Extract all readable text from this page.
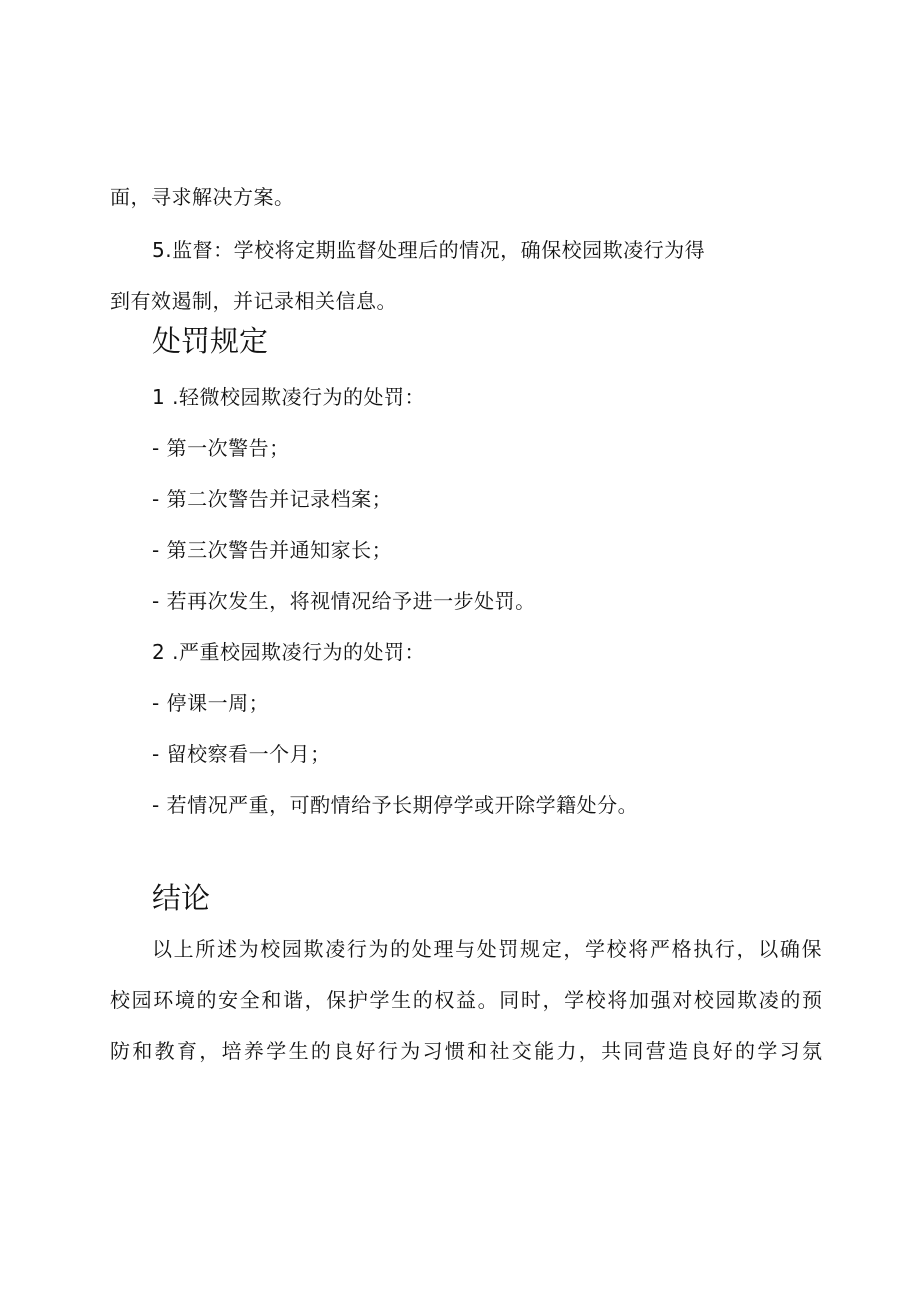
面，寻求解决方案。
5.监督：学校将定期监督处理后的情况，确保校园欺凌行为得
到有效遏制，并记录相关信息。
处罚规定
1 .轻微校园欺凌行为的处罚：
- 第一次警告；
- 第二次警告并记录档案；
- 第三次警告并通知家长；
- 若再次发生，将视情况给予进一步处罚。
2 .严重校园欺凌行为的处罚：
- 停课一周；
- 留校察看一个月；
- 若情况严重，可酌情给予长期停学或开除学籍处分。
结论
以上所述为校园欺凌行为的处理与处罚规定，学校将严格执行，以确保
校园环境的安全和谐，保护学生的权益。同时，学校将加强对校园欺凌的预
防和教育，培养学生的良好行为习惯和社交能力，共同营造良好的学习氛
